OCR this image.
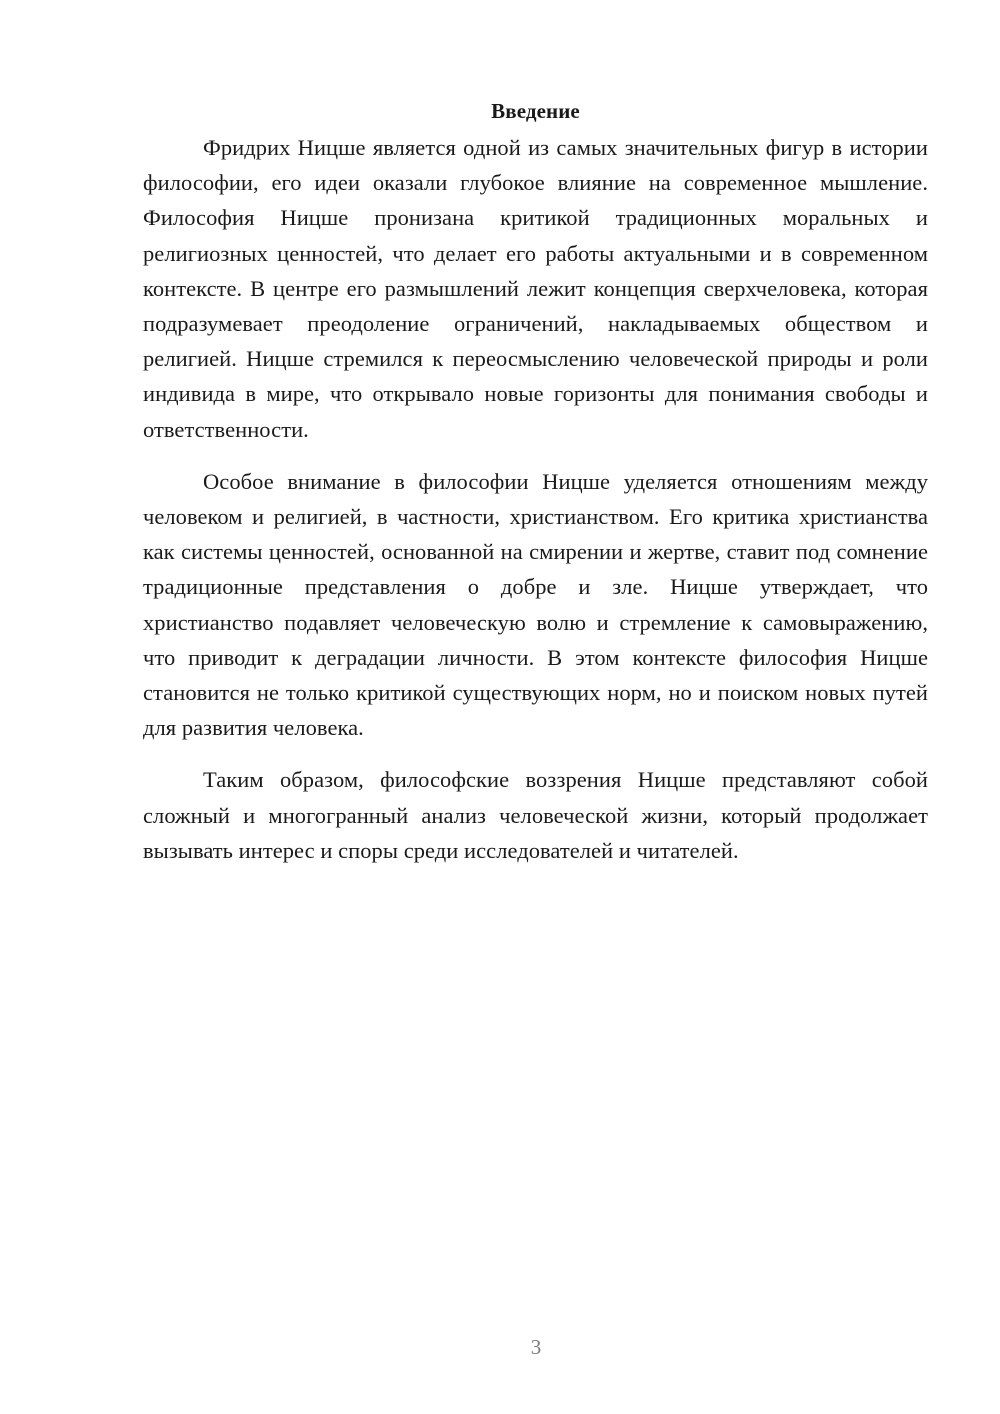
Введение

Фридрих Ницше является одной из самых значительных фигур в истории философии, его идеи оказали глубокое влияние на современное мышление. Философия Ницше пронизана критикой традиционных моральных и религиозных ценностей, что делает его работы актуальными и в современном контексте. В центре его размышлений лежит концепция сверхчеловека, которая подразумевает преодоление ограничений, накладываемых обществом и религией. Ницше стремился к переосмыслению человеческой природы и роли индивида в мире, что открывало новые горизонты для понимания свободы и ответственности.

Особое внимание в философии Ницше уделяется отношениям между человеком и религией, в частности, христианством. Его критика христианства как системы ценностей, основанной на смирении и жертве, ставит под сомнение традиционные представления о добре и зле. Ницше утверждает, что христианство подавляет человеческую волю и стремление к самовыражению, что приводит к деградации личности. В этом контексте философия Ницше становится не только критикой существующих норм, но и поиском новых путей для развития человека.

Таким образом, философские воззрения Ницше представляют собой сложный и многогранный анализ человеческой жизни, который продолжает вызывать интерес и споры среди исследователей и читателей.

3
